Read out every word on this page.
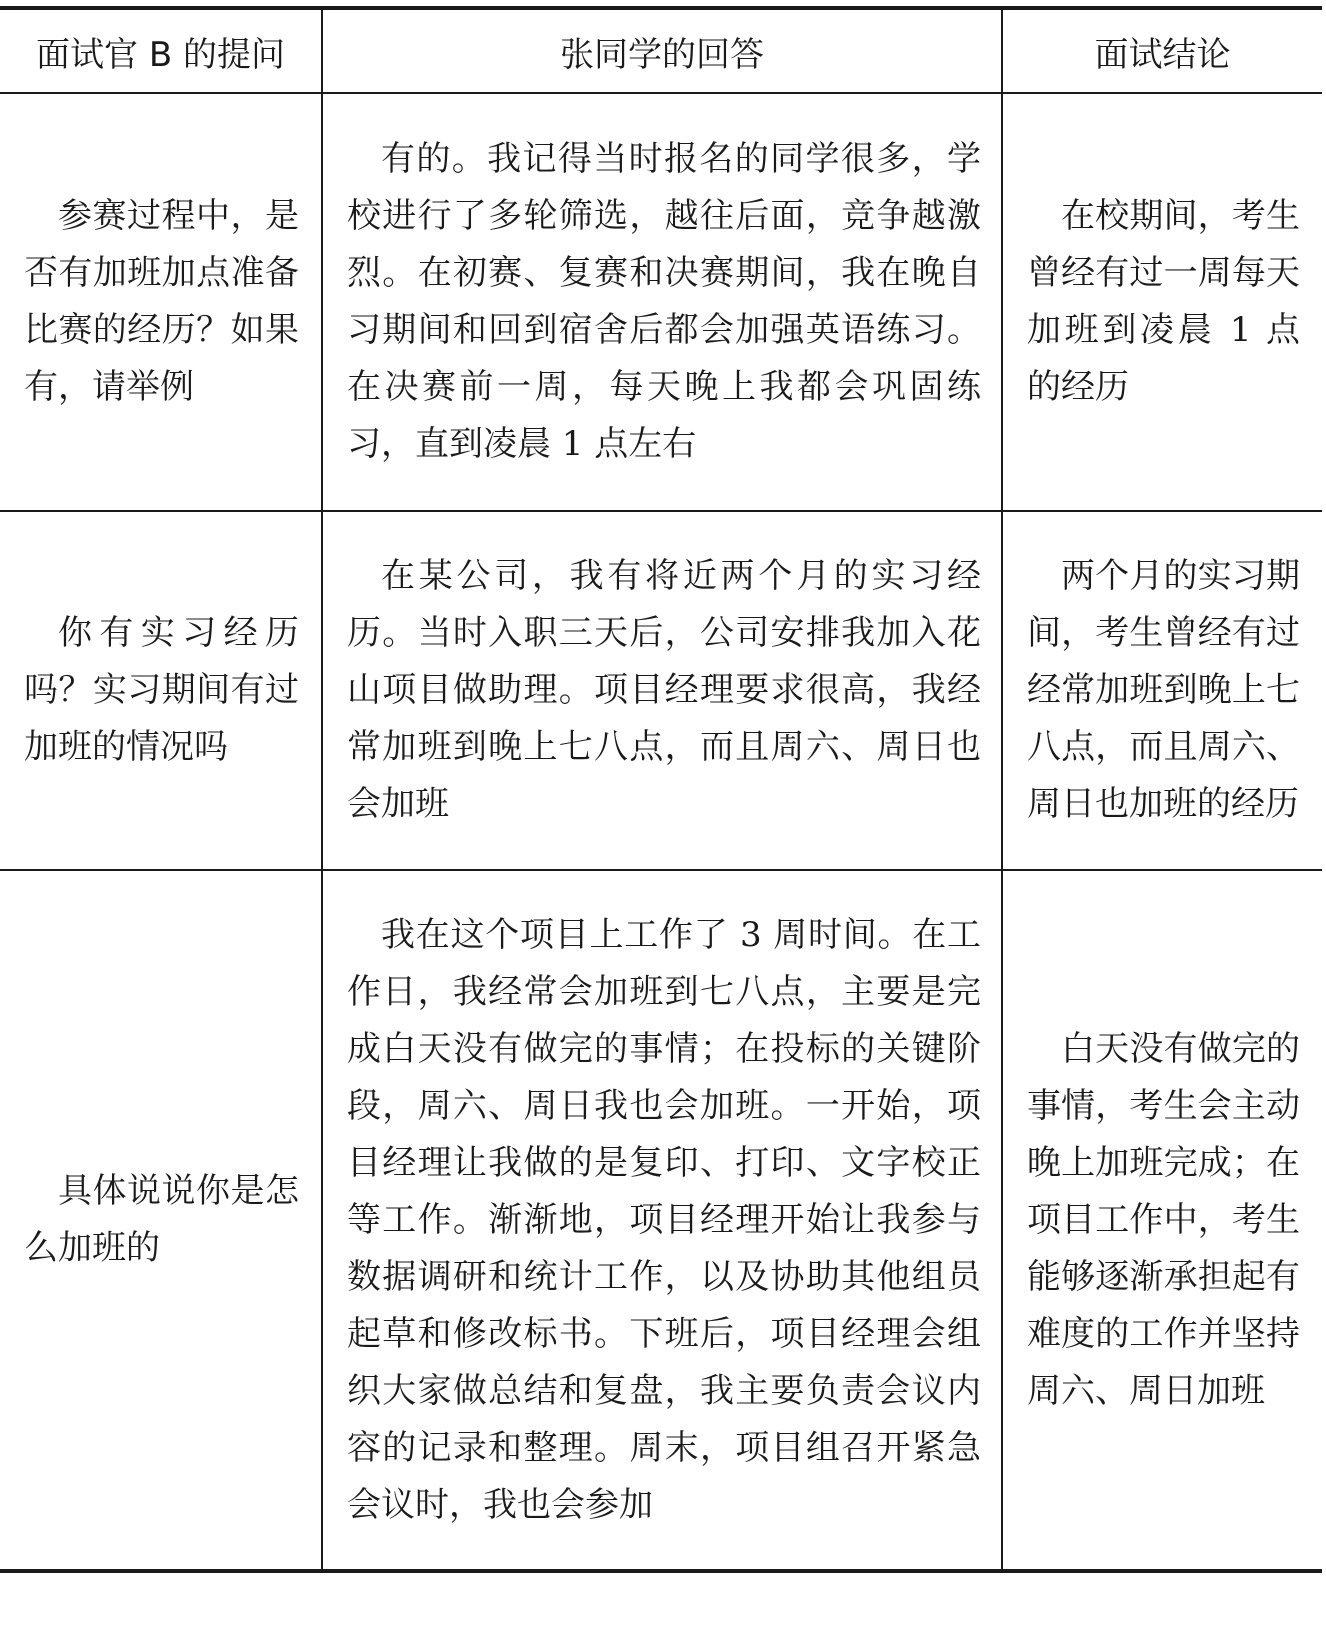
面试官 B 的提问	张同学的回答	面试结论

参赛过程中，是否有加班加点准备比赛的经历？如果有，请举例	有的。我记得当时报名的同学很多，学校进行了多轮筛选，越往后面，竞争越激烈。在初赛、复赛和决赛期间，我在晚自习期间和回到宿舍后都会加强英语练习。在决赛前一周，每天晚上我都会巩固练习，直到凌晨 1 点左右	在校期间，考生曾经有过一周每天加班到凌晨 1 点的经历

你有实习经历吗？实习期间有过加班的情况吗	在某公司，我有将近两个月的实习经历。当时入职三天后，公司安排我加入花山项目做助理。项目经理要求很高，我经常加班到晚上七八点，而且周六、周日也会加班	两个月的实习期间，考生曾经有过经常加班到晚上七八点，而且周六、周日也加班的经历

具体说说你是怎么加班的	我在这个项目上工作了 3 周时间。在工作日，我经常会加班到七八点，主要是完成白天没有做完的事情；在投标的关键阶段，周六、周日我也会加班。一开始，项目经理让我做的是复印、打印、文字校正等工作。渐渐地，项目经理开始让我参与数据调研和统计工作，以及协助其他组员起草和修改标书。下班后，项目经理会组织大家做总结和复盘，我主要负责会议内容的记录和整理。周末，项目组召开紧急会议时，我也会参加	白天没有做完的事情，考生会主动晚上加班完成；在项目工作中，考生能够逐渐承担起有难度的工作并坚持周六、周日加班
